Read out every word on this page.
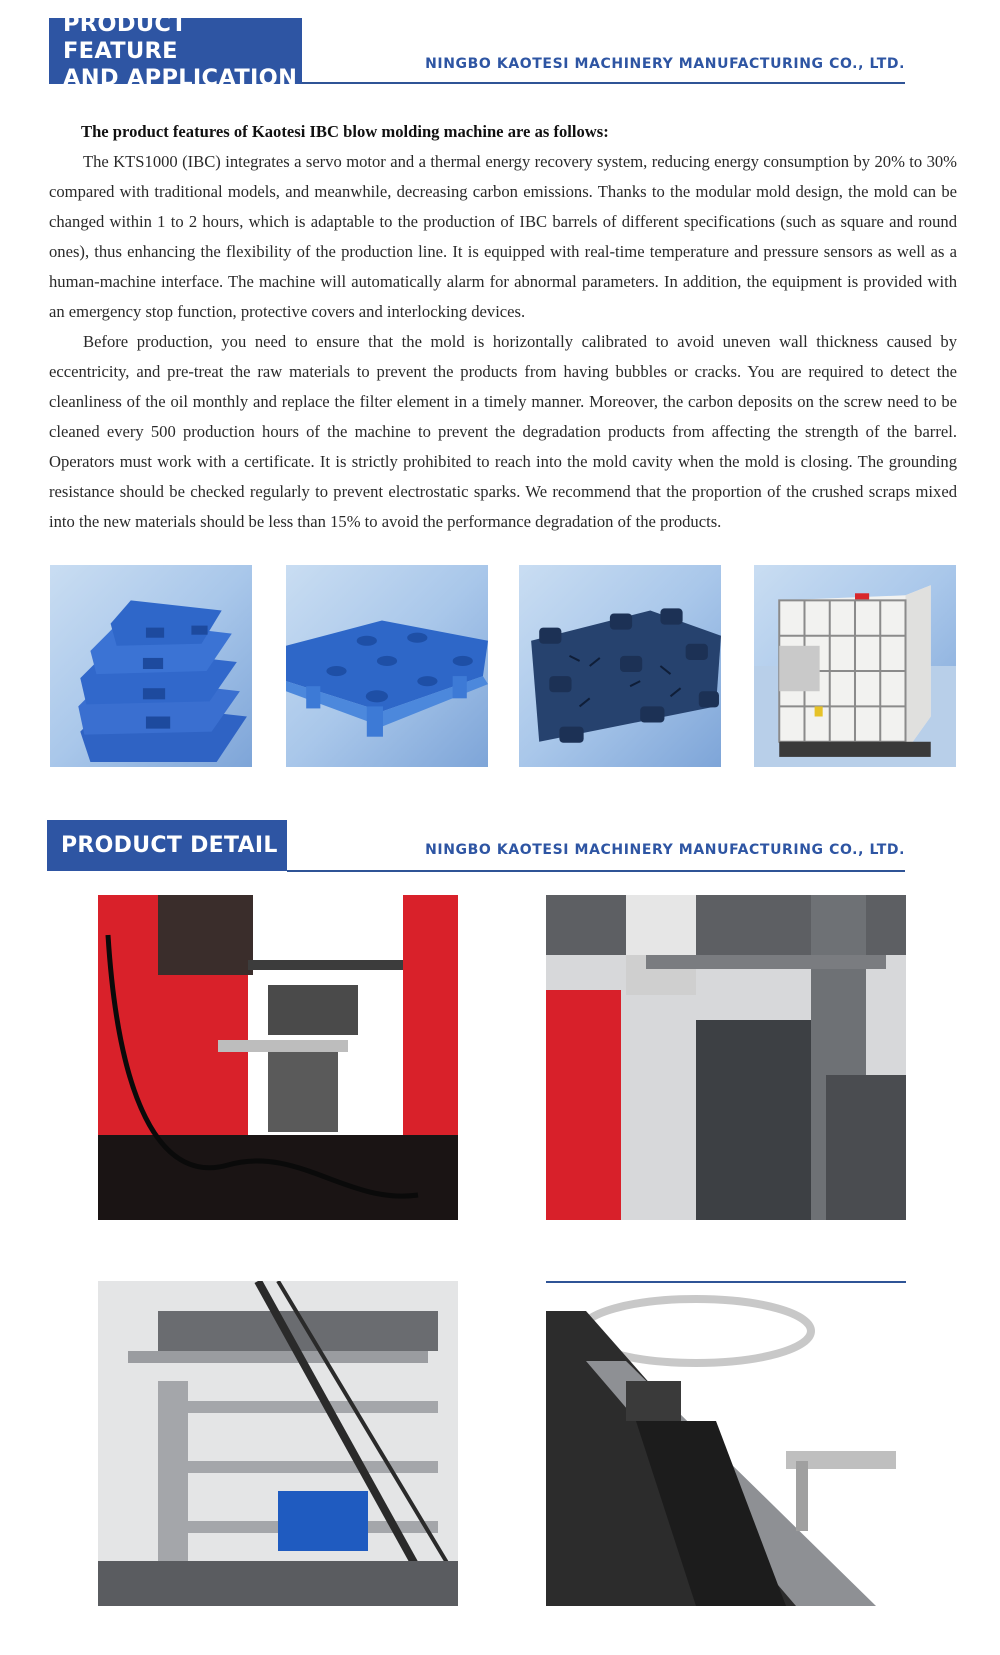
PRODUCT FEATURE
AND APPLICATION
NINGBO KAOTESI MACHINERY MANUFACTURING CO., LTD.
The product features of Kaotesi IBC blow molding machine are as follows:

The KTS1000 (IBC) integrates a servo motor and a thermal energy recovery system, reducing energy consumption by 20% to 30% compared with traditional models, and meanwhile, decreasing carbon emissions. Thanks to the modular mold design, the mold can be changed within 1 to 2 hours, which is adaptable to the production of IBC barrels of different specifications (such as square and round ones), thus enhancing the flexibility of the production line. It is equipped with real-time temperature and pressure sensors as well as a human-machine interface. The machine will automatically alarm for abnormal parameters. In addition, the equipment is provided with an emergency stop function, protective covers and interlocking devices.

Before production, you need to ensure that the mold is horizontally calibrated to avoid uneven wall thickness caused by eccentricity, and pre-treat the raw materials to prevent the products from having bubbles or cracks. You are required to detect the cleanliness of the oil monthly and replace the filter element in a timely manner. Moreover, the carbon deposits on the screw need to be cleaned every 500 production hours of the machine to prevent the degradation products from affecting the strength of the barrel. Operators must work with a certificate. It is strictly prohibited to reach into the mold cavity when the mold is closing. The grounding resistance should be checked regularly to prevent electrostatic sparks. We recommend that the proportion of the crushed scraps mixed into the new materials should be less than 15% to avoid the performance degradation of the products.

PRODUCT DETAIL	NINGBO KAOTESI MACHINERY MANUFACTURING CO., LTD.
